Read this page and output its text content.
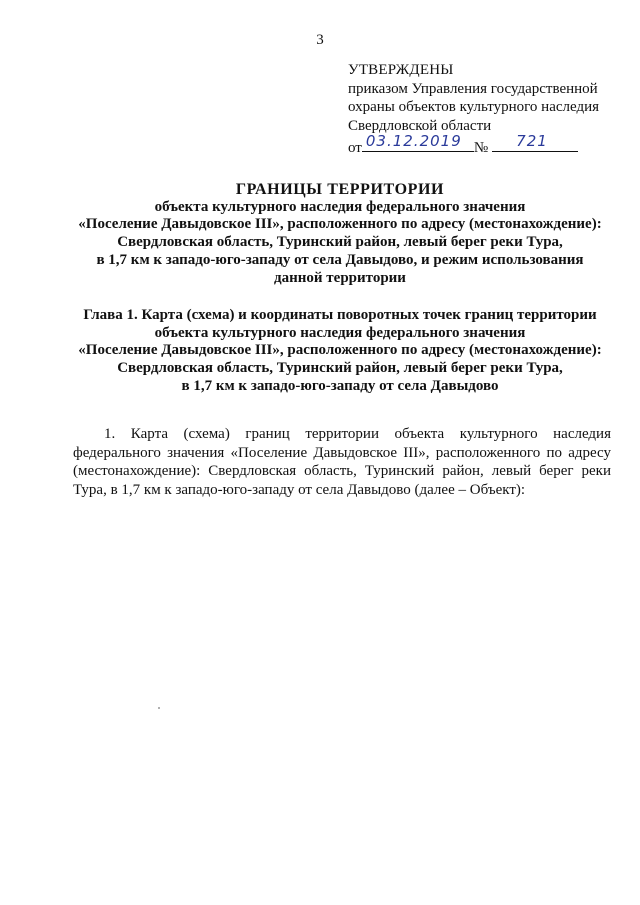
3
УТВЕРЖДЕНЫ
приказом Управления государственной
охраны объектов культурного наследия
Свердловской области
от 03.12.2019 № 721
ГРАНИЦЫ ТЕРРИТОРИИ
объекта культурного наследия федерального значения
«Поселение Давыдовское III», расположенного по адресу (местонахождение):
Свердловская область, Туринский район, левый берег реки Тура,
в 1,7 км к западо-юго-западу от села Давыдово, и режим использования
данной территории
Глава 1. Карта (схема) и координаты поворотных точек границ территории
объекта культурного наследия федерального значения
«Поселение Давыдовское III», расположенного по адресу (местонахождение):
Свердловская область, Туринский район, левый берег реки Тура,
в 1,7 км к западо-юго-западу от села Давыдово

1. Карта (схема) границ территории объекта культурного наследия федерального значения «Поселение Давыдовское III», расположенного по адресу (местонахождение): Свердловская область, Туринский район, левый берег реки Тура, в 1,7 км к западо-юго-западу от села Давыдово (далее – Объект):
